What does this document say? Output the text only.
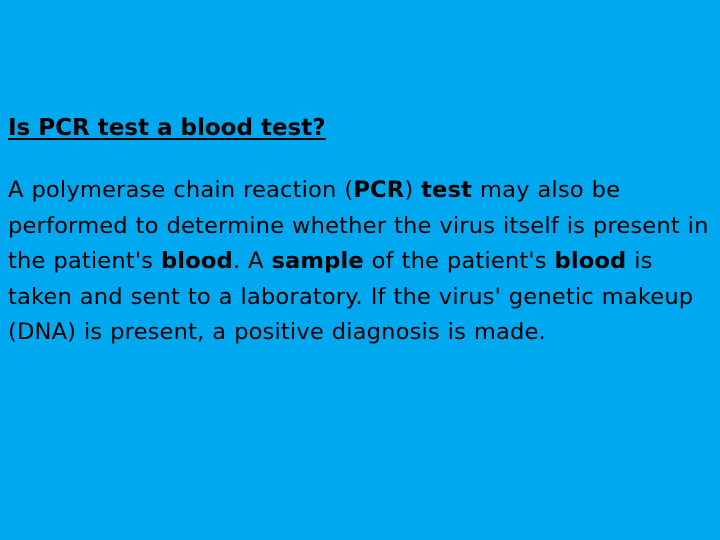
Is PCR test a blood test?

A polymerase chain reaction (PCR) test may also be performed to determine whether the virus itself is present in the patient's blood. A sample of the patient's blood is taken and sent to a laboratory. If the virus' genetic makeup (DNA) is present, a positive diagnosis is made.
